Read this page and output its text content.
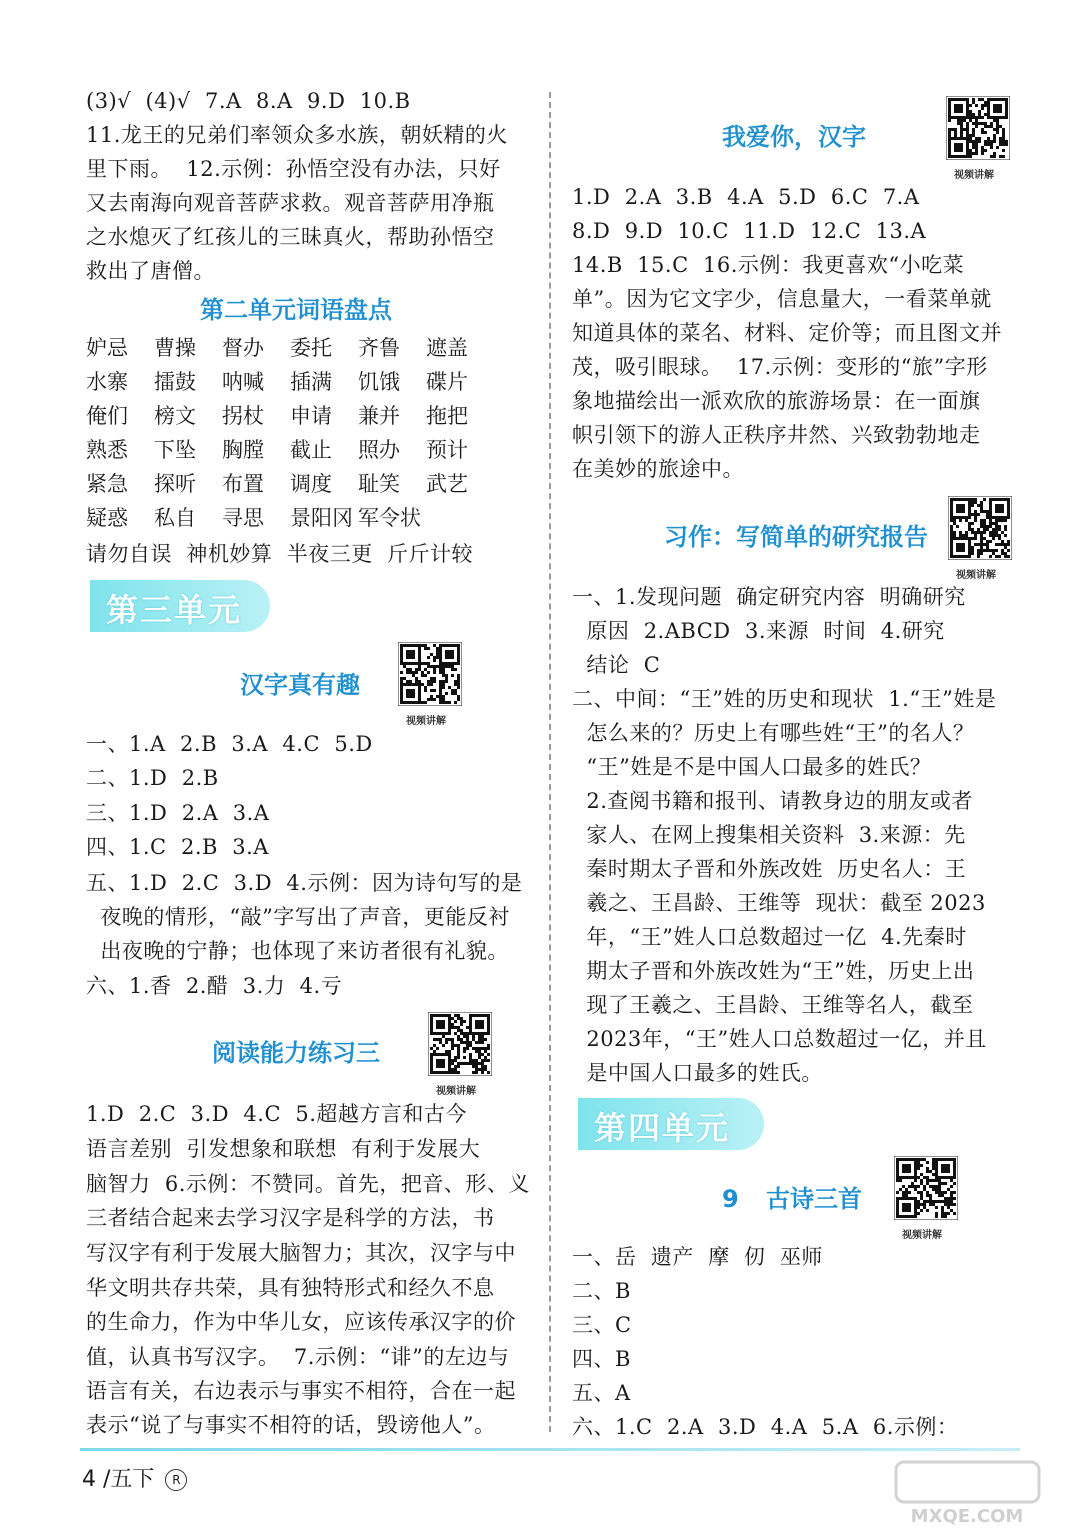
(3)√  (4)√  7.A  8.A  9.D  10.B
11.龙王的兄弟们率领众多水族，朝妖精的火
里下雨。  12.示例：孙悟空没有办法，只好
又去南海向观音菩萨求救。观音菩萨用净瓶
之水熄灭了红孩儿的三昧真火，帮助孙悟空
救出了唐僧。
第二单元词语盘点
妒忌	曹操	督办	委托	齐鲁	遮盖
水寨	擂鼓	呐喊	插满	饥饿	碟片
俺们	榜文	拐杖	申请	兼并	拖把
熟悉	下坠	胸膛	截止	照办	预计
紧急	探听	布置	调度	耻笑	武艺
疑惑	私自	寻思	景阳冈 军令状
请勿自误  神机妙算  半夜三更  斤斤计较
第三单元
汉字真有趣
视频讲解
一、1.A  2.B  3.A  4.C  5.D
二、1.D  2.B
三、1.D  2.A  3.A
四、1.C  2.B  3.A
五、1.D  2.C  3.D  4.示例：因为诗句写的是
夜晚的情形，“敲”字写出了声音，更能反衬
出夜晚的宁静；也体现了来访者很有礼貌。
六、1.香  2.醋  3.力  4.亏
阅读能力练习三
视频讲解
1.D  2.C  3.D  4.C  5.超越方言和古今
语言差别  引发想象和联想  有利于发展大
脑智力  6.示例：不赞同。首先，把音、形、义
三者结合起来去学习汉字是科学的方法，书
写汉字有利于发展大脑智力；其次，汉字与中
华文明共存共荣，具有独特形式和经久不息
的生命力，作为中华儿女，应该传承汉字的价
值，认真书写汉字。  7.示例：“诽”的左边与
语言有关，右边表示与事实不相符，合在一起
表示“说了与事实不相符的话，毁谤他人”。
我爱你，汉字
视频讲解
1.D  2.A  3.B  4.A  5.D  6.C  7.A
8.D  9.D  10.C  11.D  12.C  13.A
14.B  15.C  16.示例：我更喜欢“小吃菜
单”。因为它文字少，信息量大，一看菜单就
知道具体的菜名、材料、定价等；而且图文并
茂，吸引眼球。  17.示例：变形的“旅”字形
象地描绘出一派欢欣的旅游场景：在一面旗
帜引领下的游人正秩序井然、兴致勃勃地走
在美妙的旅途中。
习作：写简单的研究报告
视频讲解
一、1.发现问题  确定研究内容  明确研究
原因  2.ABCD  3.来源  时间  4.研究
结论  C
二、中间：“王”姓的历史和现状  1.“王”姓是
怎么来的？历史上有哪些姓“王”的名人？
“王”姓是不是中国人口最多的姓氏？
2.查阅书籍和报刊、请教身边的朋友或者
家人、在网上搜集相关资料  3.来源：先
秦时期太子晋和外族改姓  历史名人：王
羲之、王昌龄、王维等  现状：截至 2023
年，“王”姓人口总数超过一亿  4.先秦时
期太子晋和外族改姓为“王”姓，历史上出
现了王羲之、王昌龄、王维等名人，截至
2023年，“王”姓人口总数超过一亿，并且
是中国人口最多的姓氏。
第四单元
9 古诗三首
视频讲解
一、岳  遗产  摩  仞  巫师
二、B
三、C
四、B
五、A
六、1.C  2.A  3.D  4.A  5.A  6.示例：
4 /五下 R
MXQE.COM
